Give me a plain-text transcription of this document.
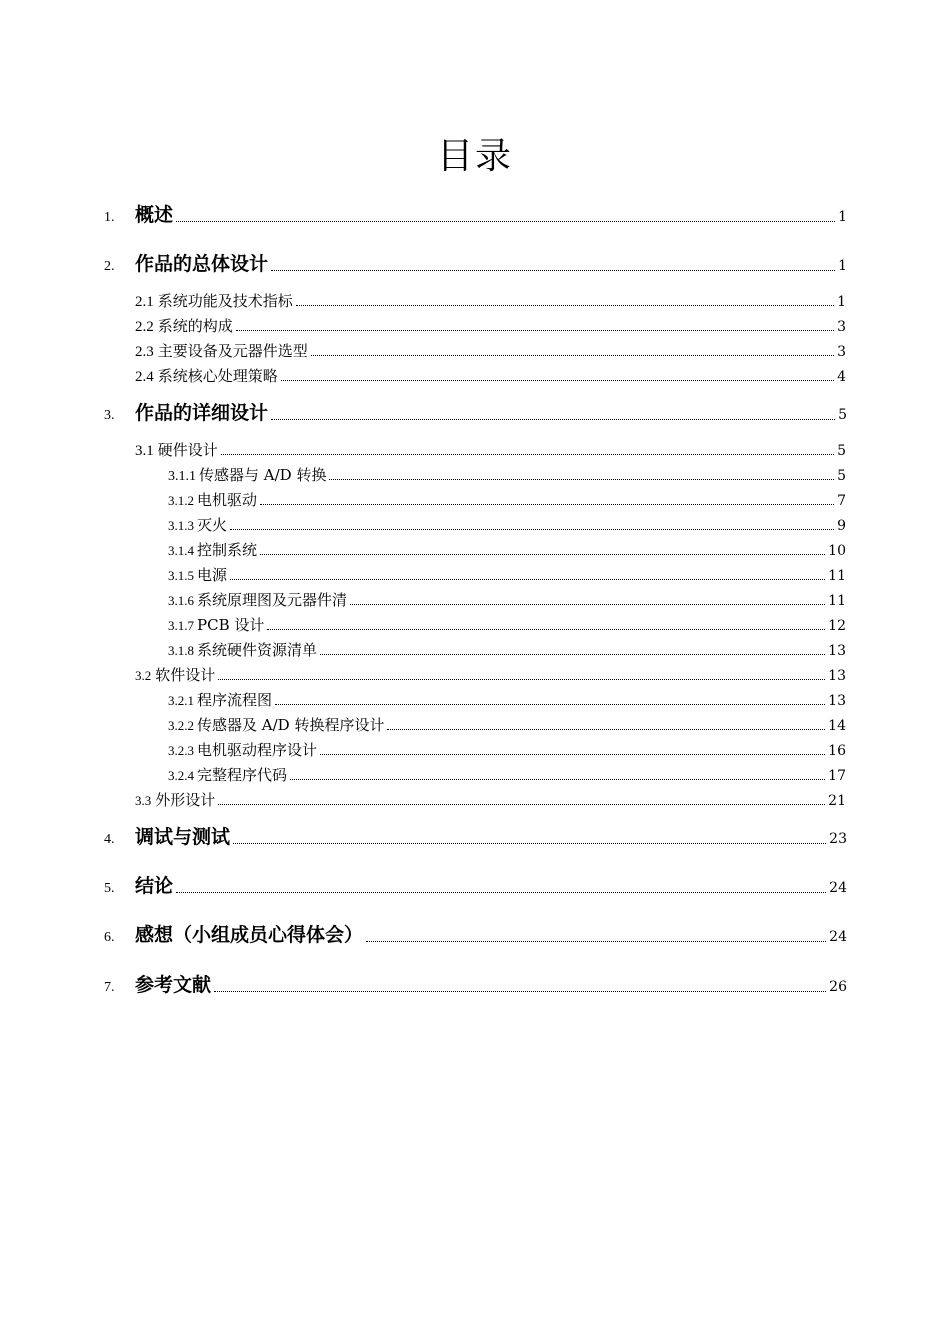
目录
1.	概述	1
2.	作品的总体设计	1
2.1 系统功能及技术指标	1
2.2 系统的构成	3
2.3 主要设备及元器件选型	3
2.4 系统核心处理策略	4
3.	作品的详细设计	5
3.1 硬件设计	5
3.1.1 传感器与 A/D 转换	5
3.1.2 电机驱动	7
3.1.3 灭火	9
3.1.4 控制系统	10
3.1.5 电源	11
3.1.6 系统原理图及元器件清	11
3.1.7 PCB 设计	12
3.1.8 系统硬件资源清单	13
3.2 软件设计	13
3.2.1 程序流程图	13
3.2.2 传感器及 A/D 转换程序设计	14
3.2.3 电机驱动程序设计	16
3.2.4 完整程序代码	17
3.3 外形设计	21
4.	调试与测试	23
5.	结论	24
6.	感想（小组成员心得体会）	24
7.	参考文献	26
